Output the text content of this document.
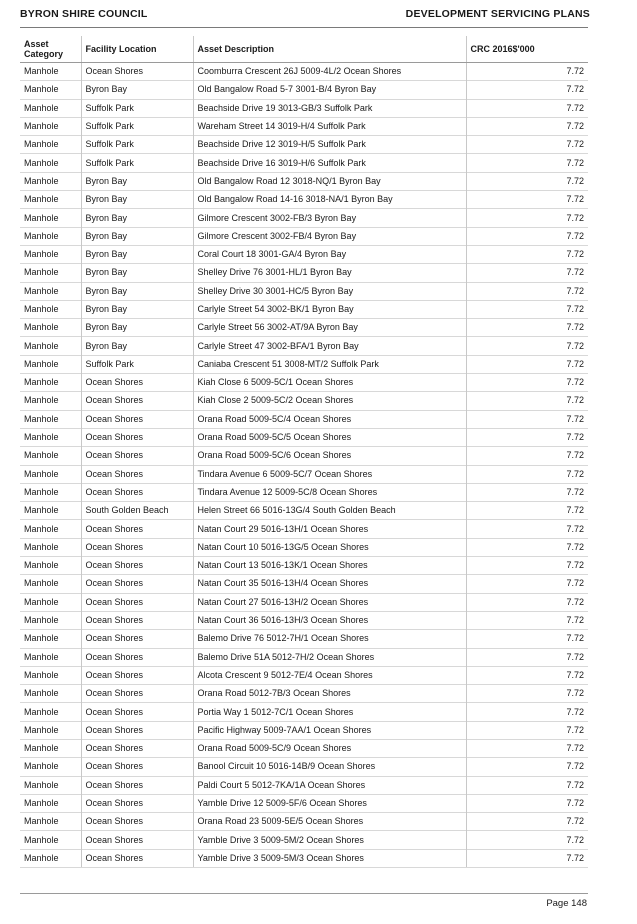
BYRON SHIRE COUNCIL	DEVELOPMENT SERVICING PLANS
Asset Category	Facility Location	Asset Description	CRC 2016$'000
Manhole	Ocean Shores	Coomburra Crescent 26J 5009-4L/2 Ocean Shores	7.72
Manhole	Byron Bay	Old Bangalow Road 5-7 3001-B/4 Byron Bay	7.72
Manhole	Suffolk Park	Beachside Drive 19 3013-GB/3 Suffolk Park	7.72
Manhole	Suffolk Park	Wareham Street 14 3019-H/4 Suffolk Park	7.72
Manhole	Suffolk Park	Beachside Drive 12 3019-H/5 Suffolk Park	7.72
Manhole	Suffolk Park	Beachside Drive 16 3019-H/6 Suffolk Park	7.72
Manhole	Byron Bay	Old Bangalow Road 12 3018-NQ/1 Byron Bay	7.72
Manhole	Byron Bay	Old Bangalow Road 14-16 3018-NA/1 Byron Bay	7.72
Manhole	Byron Bay	Gilmore Crescent 3002-FB/3 Byron Bay	7.72
Manhole	Byron Bay	Gilmore Crescent 3002-FB/4 Byron Bay	7.72
Manhole	Byron Bay	Coral Court 18 3001-GA/4 Byron Bay	7.72
Manhole	Byron Bay	Shelley Drive 76 3001-HL/1 Byron Bay	7.72
Manhole	Byron Bay	Shelley Drive 30 3001-HC/5 Byron Bay	7.72
Manhole	Byron Bay	Carlyle Street 54 3002-BK/1 Byron Bay	7.72
Manhole	Byron Bay	Carlyle Street 56 3002-AT/9A Byron Bay	7.72
Manhole	Byron Bay	Carlyle Street 47 3002-BFA/1 Byron Bay	7.72
Manhole	Suffolk Park	Caniaba Crescent 51 3008-MT/2 Suffolk Park	7.72
Manhole	Ocean Shores	Kiah Close 6 5009-5C/1 Ocean Shores	7.72
Manhole	Ocean Shores	Kiah Close 2 5009-5C/2 Ocean Shores	7.72
Manhole	Ocean Shores	Orana Road 5009-5C/4 Ocean Shores	7.72
Manhole	Ocean Shores	Orana Road 5009-5C/5 Ocean Shores	7.72
Manhole	Ocean Shores	Orana Road 5009-5C/6 Ocean Shores	7.72
Manhole	Ocean Shores	Tindara Avenue 6 5009-5C/7 Ocean Shores	7.72
Manhole	Ocean Shores	Tindara Avenue 12 5009-5C/8 Ocean Shores	7.72
Manhole	South Golden Beach	Helen Street 66 5016-13G/4 South Golden Beach	7.72
Manhole	Ocean Shores	Natan Court 29 5016-13H/1 Ocean Shores	7.72
Manhole	Ocean Shores	Natan Court 10 5016-13G/5 Ocean Shores	7.72
Manhole	Ocean Shores	Natan Court 13 5016-13K/1 Ocean Shores	7.72
Manhole	Ocean Shores	Natan Court 35 5016-13H/4 Ocean Shores	7.72
Manhole	Ocean Shores	Natan Court 27 5016-13H/2 Ocean Shores	7.72
Manhole	Ocean Shores	Natan Court 36 5016-13H/3 Ocean Shores	7.72
Manhole	Ocean Shores	Balemo Drive 76 5012-7H/1 Ocean Shores	7.72
Manhole	Ocean Shores	Balemo Drive 51A 5012-7H/2 Ocean Shores	7.72
Manhole	Ocean Shores	Alcota Crescent 9 5012-7E/4 Ocean Shores	7.72
Manhole	Ocean Shores	Orana Road 5012-7B/3 Ocean Shores	7.72
Manhole	Ocean Shores	Portia Way 1 5012-7C/1 Ocean Shores	7.72
Manhole	Ocean Shores	Pacific Highway 5009-7AA/1 Ocean Shores	7.72
Manhole	Ocean Shores	Orana Road 5009-5C/9 Ocean Shores	7.72
Manhole	Ocean Shores	Banool Circuit 10 5016-14B/9 Ocean Shores	7.72
Manhole	Ocean Shores	Paldi Court 5 5012-7KA/1A Ocean Shores	7.72
Manhole	Ocean Shores	Yamble Drive 12 5009-5F/6 Ocean Shores	7.72
Manhole	Ocean Shores	Orana Road 23 5009-5E/5 Ocean Shores	7.72
Manhole	Ocean Shores	Yamble Drive 3 5009-5M/2 Ocean Shores	7.72
Manhole	Ocean Shores	Yamble Drive 3 5009-5M/3 Ocean Shores	7.72
Page 148
